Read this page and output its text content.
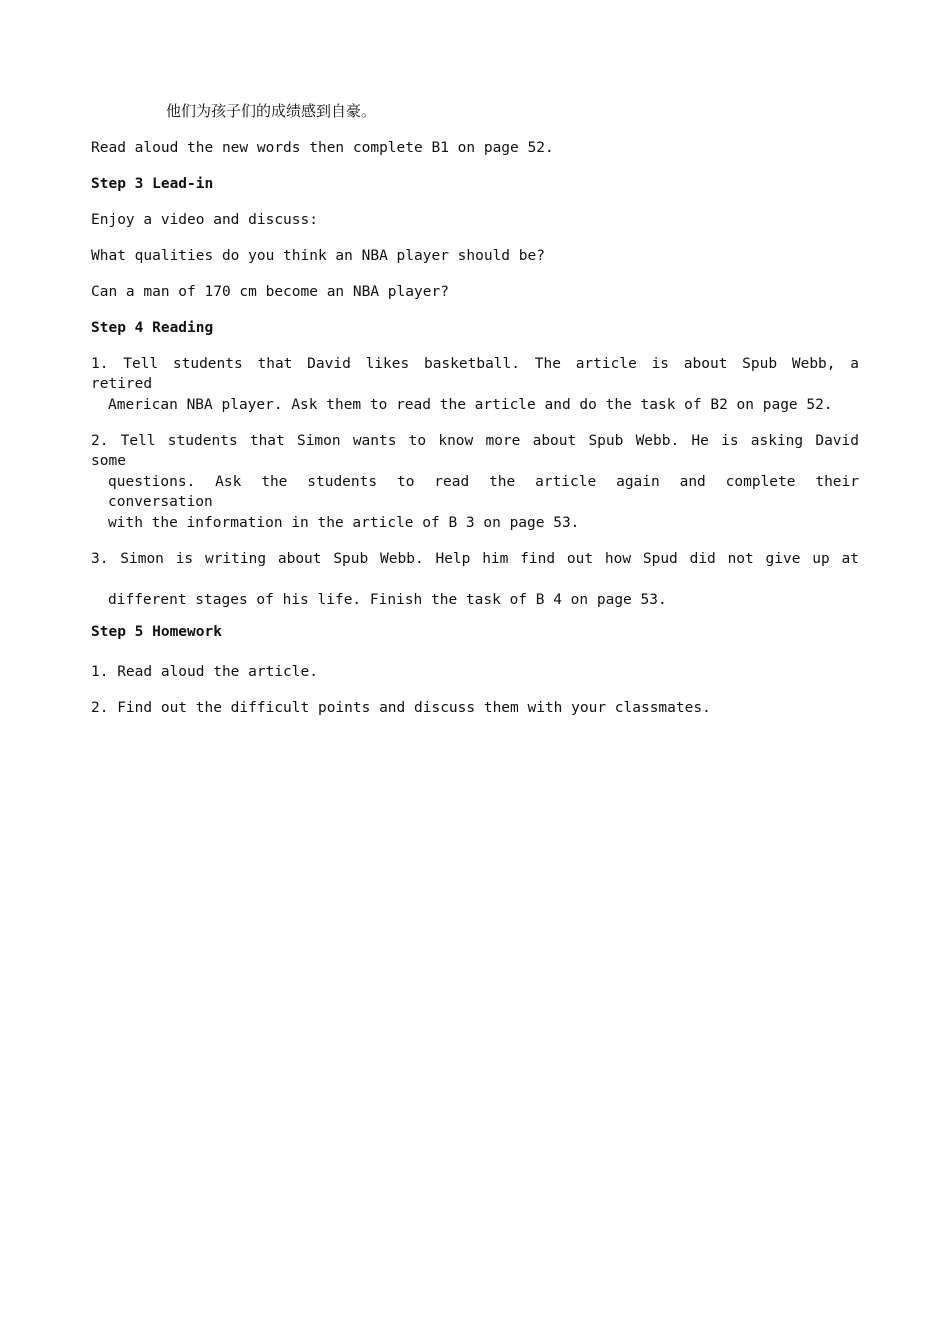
他们为孩子们的成绩感到自豪。
Read aloud the new words then complete B1 on page 52.
Step 3 Lead-in
Enjoy a video and discuss:
What qualities do you think an NBA player should be?
Can a man of 170 cm become an NBA player?
Step 4 Reading
1. Tell students that David likes basketball. The article is about Spub Webb, a retired
American NBA player. Ask them to read the article and do the task of B2 on page 52.
2. Tell students that Simon wants to know more about Spub Webb. He is asking David some
questions. Ask the students to read the article again and complete their conversation
with the information in the article of B 3 on page 53.
3. Simon is writing about Spub Webb. Help him find out how Spud did not give up at
different stages of his life. Finish the task of B 4 on page 53.
Step 5 Homework
1. Read aloud the article.
2. Find out the difficult points and discuss them with your classmates.
